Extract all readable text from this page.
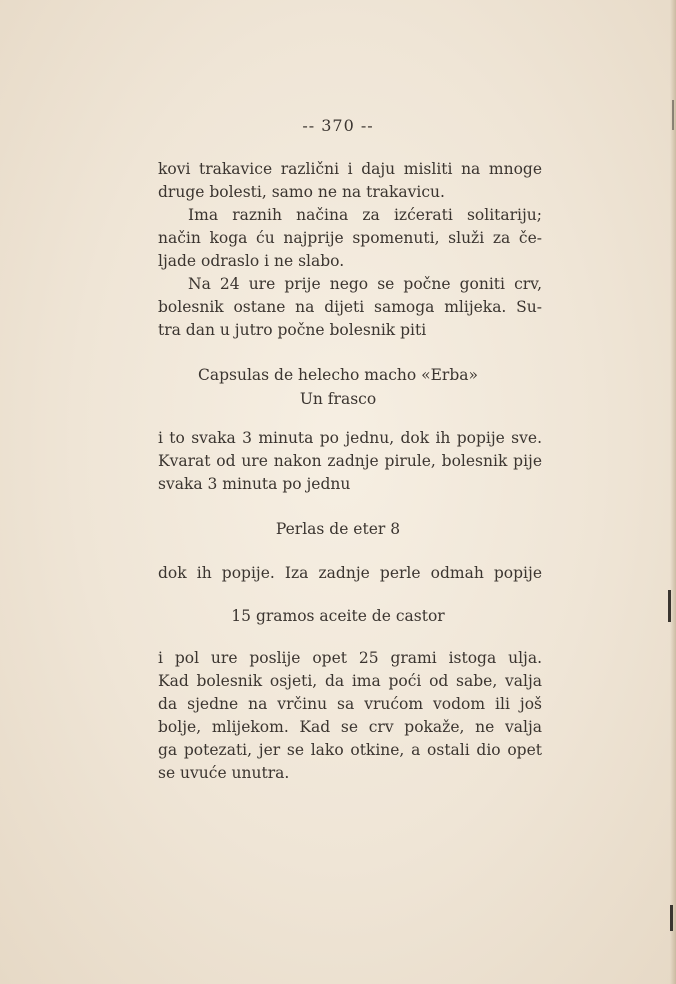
-- 370 --
kovi trakavice različni i daju misliti na mnoge
druge bolesti, samo ne na trakavicu.
Ima raznih načina za izćerati solitariju;
način koga ću najprije spomenuti, služi za če-
ljade odraslo i ne slabo.
Na 24 ure prije nego se počne goniti crv,
bolesnik ostane na dijeti samoga mlijeka. Su-
tra dan u jutro počne bolesnik piti
Capsulas de helecho macho «Erba»
Un frasco
i to svaka 3 minuta po jednu, dok ih popije sve.
Kvarat od ure nakon zadnje pirule, bolesnik pije
svaka 3 minuta po jednu
Perlas de eter 8
dok ih popije. Iza zadnje perle odmah popije
15 gramos aceite de castor
i pol ure poslije opet 25 grami istoga ulja.
Kad bolesnik osjeti, da ima poći od sabe, valja
da sjedne na vrčinu sa vrućom vodom ili još
bolje, mlijekom. Kad se crv pokaže, ne valja
ga potezati, jer se lako otkine, a ostali dio opet
se uvuće unutra.
